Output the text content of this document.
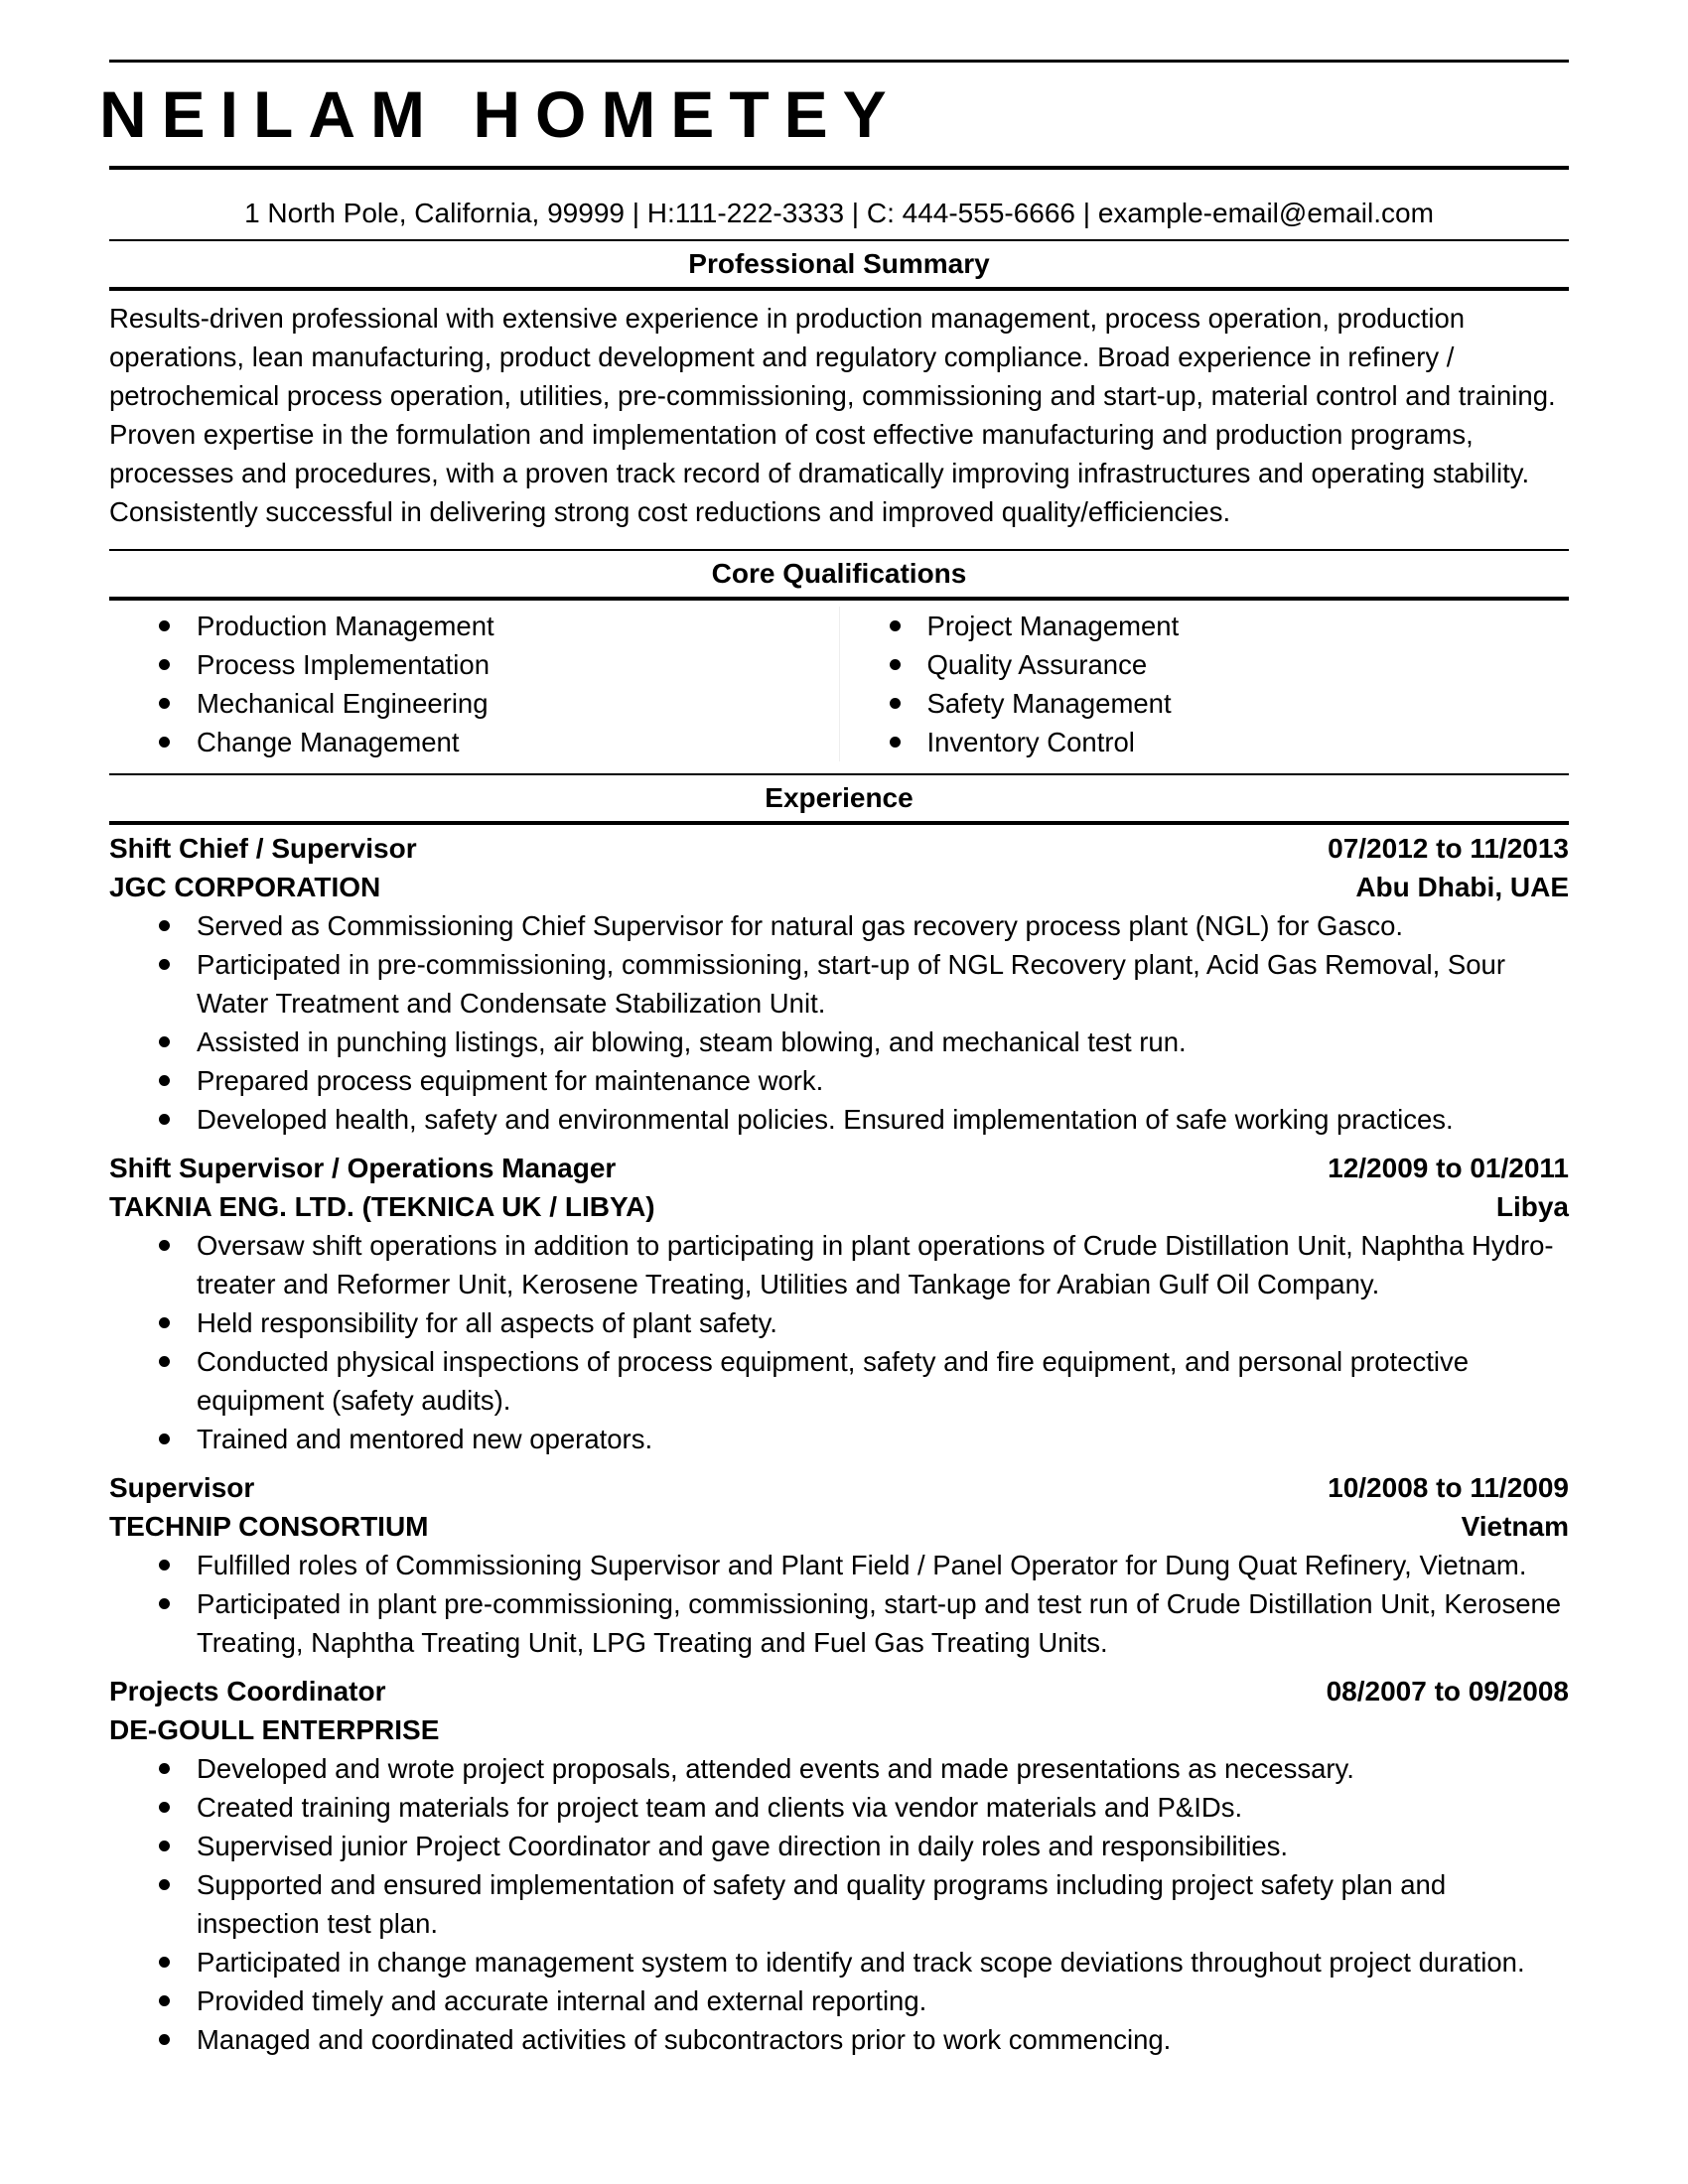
NEILAM HOMETEY
1 North Pole, California, 99999 | H:111-222-3333 | C: 444-555-6666 | example-email@email.com
Professional Summary
Results-driven professional with extensive experience in production management, process operation, production operations, lean manufacturing, product development and regulatory compliance. Broad experience in refinery / petrochemical process operation, utilities, pre-commissioning, commissioning and start-up, material control and training. Proven expertise in the formulation and implementation of cost effective manufacturing and production programs, processes and procedures, with a proven track record of dramatically improving infrastructures and operating stability. Consistently successful in delivering strong cost reductions and improved quality/efficiencies.
Core Qualifications
Production Management
Process Implementation
Mechanical Engineering
Change Management
Project Management
Quality Assurance
Safety Management
Inventory Control
Experience
Shift Chief / Supervisor	07/2012 to 11/2013
JGC CORPORATION	Abu Dhabi, UAE
Served as Commissioning Chief Supervisor for natural gas recovery process plant (NGL) for Gasco.
Participated in pre-commissioning, commissioning, start-up of NGL Recovery plant, Acid Gas Removal, Sour Water Treatment and Condensate Stabilization Unit.
Assisted in punching listings, air blowing, steam blowing, and mechanical test run.
Prepared process equipment for maintenance work.
Developed health, safety and environmental policies. Ensured implementation of safe working practices.
Shift Supervisor / Operations Manager	12/2009 to 01/2011
TAKNIA ENG. LTD. (TEKNICA UK / LIBYA)	Libya
Oversaw shift operations in addition to participating in plant operations of Crude Distillation Unit, Naphtha Hydro-treater and Reformer Unit, Kerosene Treating, Utilities and Tankage for Arabian Gulf Oil Company.
Held responsibility for all aspects of plant safety.
Conducted physical inspections of process equipment, safety and fire equipment, and personal protective equipment (safety audits).
Trained and mentored new operators.
Supervisor	10/2008 to 11/2009
TECHNIP CONSORTIUM	Vietnam
Fulfilled roles of Commissioning Supervisor and Plant Field / Panel Operator for Dung Quat Refinery, Vietnam.
Participated in plant pre-commissioning, commissioning, start-up and test run of Crude Distillation Unit, Kerosene Treating, Naphtha Treating Unit, LPG Treating and Fuel Gas Treating Units.
Projects Coordinator	08/2007 to 09/2008
DE-GOULL ENTERPRISE
Developed and wrote project proposals, attended events and made presentations as necessary.
Created training materials for project team and clients via vendor materials and P&IDs.
Supervised junior Project Coordinator and gave direction in daily roles and responsibilities.
Supported and ensured implementation of safety and quality programs including project safety plan and inspection test plan.
Participated in change management system to identify and track scope deviations throughout project duration.
Provided timely and accurate internal and external reporting.
Managed and coordinated activities of subcontractors prior to work commencing.
